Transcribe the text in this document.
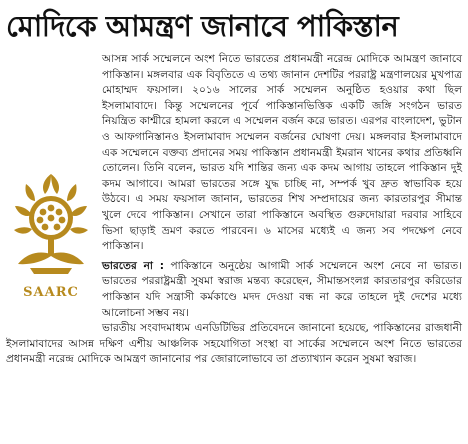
মোদিকে আমন্ত্রণ জানাবে পাকিস্তান
SAARC

আসন্ন সার্ক সম্মেলনে অংশ নিতে ভারতের প্রধানমন্ত্রী নরেন্দ্র মোদিকে আমন্ত্রণ জানাবে পাকিস্তান। মঙ্গলবার এক বিবৃতিতে এ তথ্য জানান দেশটির পররাষ্ট্র মন্ত্রণালয়ের মুখপাত্র মোহাম্মদ ফয়সাল। ২০১৬ সালের সার্ক সম্মেলন অনুষ্ঠিত হওয়ার কথা ছিল ইসলামাবাদে। কিন্তু সম্মেলনের পূর্বে পাকিস্তানভিত্তিক একটি জঙ্গি সংগঠন ভারত নিয়ন্ত্রিত কাশ্মীরে হামলা করলে এ সম্মেলন বর্জন করে ভারত। এরপর বাংলাদেশ, ভুটান ও আফগানিস্তানও ইসলামাবাদ সম্মেলন বর্জনের ঘোষণা দেয়। মঙ্গলবার ইসলামাবাদে এক সম্মেলনে বক্তব্য প্রদানের সময় পাকিস্তান প্রধানমন্ত্রী ইমরান খানের কথার প্রতিধ্বনি তোলেন। তিনি বলেন, ভারত যদি শান্তির জন্য এক কদম আগায় তাহলে পাকিস্তান দুই কদম আগাবে। আমরা ভারতের সঙ্গে যুদ্ধ চাচ্ছি না, সম্পর্ক খুব দ্রুত স্বাভাবিক হয়ে উঠবে। এ সময় ফয়সাল জানান, ভারতের শিখ সম্প্রদায়ের জন্য কারতারপুর সীমান্ত খুলে দেবে পাকিস্তান। সেখানে তারা পাকিস্তানে অবস্থিত গুরুদোয়ারা দরবার সাহিবে ভিসা ছাড়াই ভ্রমণ করতে পারবেন। ৬ মাসের মধ্যেই এ জন্য সব পদক্ষেপ নেবে পাকিস্তান।

ভারতের না : পাকিস্তানে অনুষ্ঠেয় আগামী সার্ক সম্মেলনে অংশ নেবে না ভারত। ভারতের পররাষ্ট্রমন্ত্রী সুষমা স্বরাজ মন্তব্য করেছেন, সীমান্তসংলগ্ন কারতারপুর করিডোর পাকিস্তান যদি সন্ত্রাসী কর্মকাণ্ডে মদদ দেওয়া বন্ধ না করে তাহলে দুই দেশের মধ্যে আলোচনা সম্ভব নয়।

ভারতীয় সংবাদমাধ্যম এনডিটিভির প্রতিবেদনে জানানো হয়েছে, পাকিস্তানের রাজধানী ইসলামাবাদের আসন্ন দক্ষিণ এশীয় আঞ্চলিক সহযোগিতা সংস্থা বা সার্কের সম্মেলনে অংশ নিতে ভারতের প্রধানমন্ত্রী নরেন্দ্র মোদিকে আমন্ত্রণ জানানোর পর জোরালোভাবে তা প্রত্যাখ্যান করেন সুষমা স্বরাজ।
